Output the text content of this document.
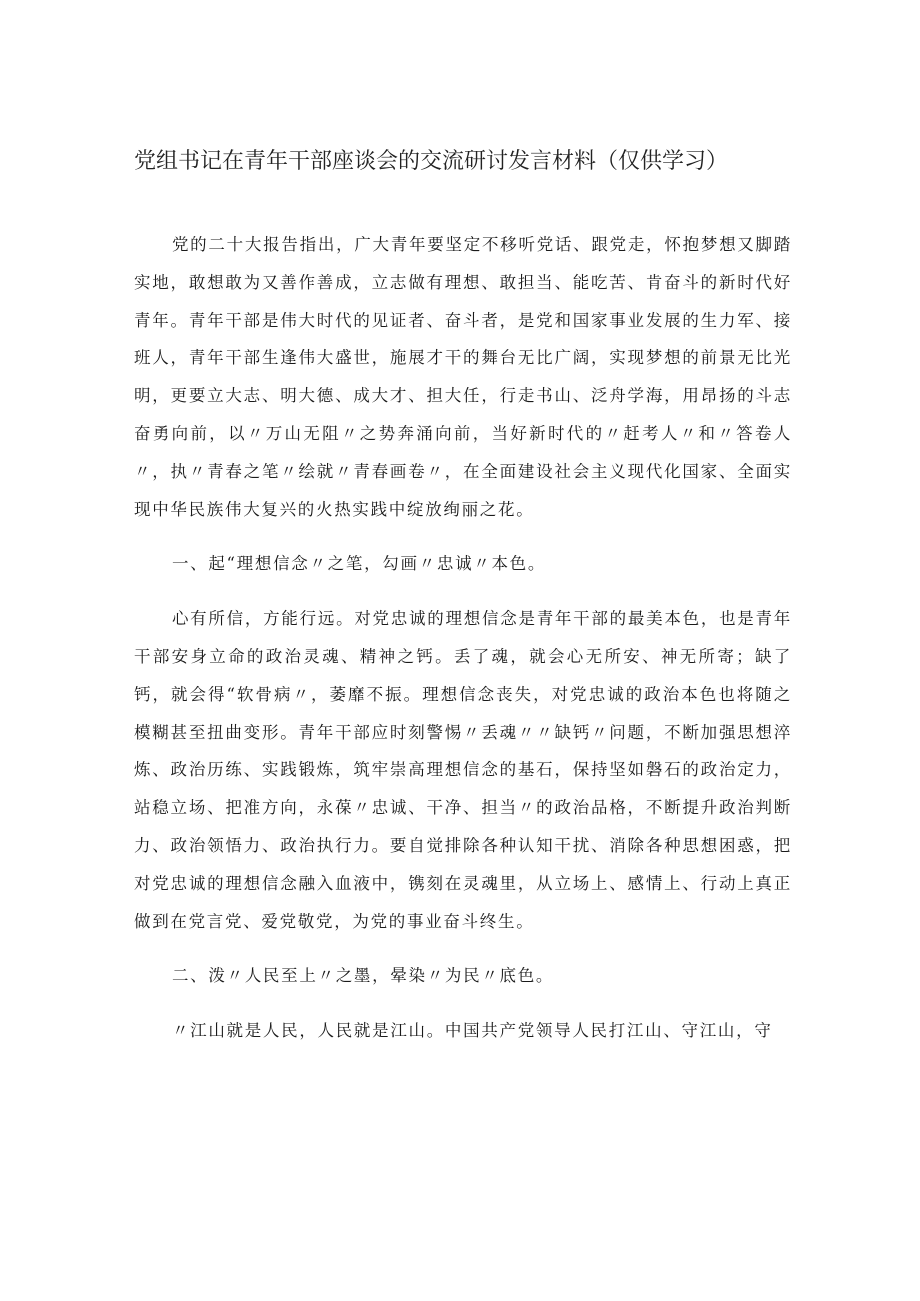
党组书记在青年干部座谈会的交流研讨发言材料（仅供学习）

党的二十大报告指出，广大青年要坚定不移听党话、跟党走，怀抱梦想又脚踏实地，敢想敢为又善作善成，立志做有理想、敢担当、能吃苦、肯奋斗的新时代好青年。青年干部是伟大时代的见证者、奋斗者，是党和国家事业发展的生力军、接班人，青年干部生逢伟大盛世，施展才干的舞台无比广阔，实现梦想的前景无比光明，更要立大志、明大德、成大才、担大任，行走书山、泛舟学海，用昂扬的斗志奋勇向前，以〃万山无阻〃之势奔涌向前，当好新时代的〃赶考人〃和〃答卷人〃，执〃青春之笔〃绘就〃青春画卷〃，在全面建设社会主义现代化国家、全面实现中华民族伟大复兴的火热实践中绽放绚丽之花。

一、起“理想信念〃之笔，勾画〃忠诚〃本色。

心有所信，方能行远。对党忠诚的理想信念是青年干部的最美本色，也是青年干部安身立命的政治灵魂、精神之钙。丢了魂，就会心无所安、神无所寄；缺了钙，就会得“软骨病〃，萎靡不振。理想信念丧失，对党忠诚的政治本色也将随之模糊甚至扭曲变形。青年干部应时刻警惕〃丢魂〃〃缺钙〃问题，不断加强思想淬炼、政治历练、实践锻炼，筑牢崇高理想信念的基石，保持坚如磐石的政治定力，站稳立场、把准方向，永葆〃忠诚、干净、担当〃的政治品格，不断提升政治判断力、政治领悟力、政治执行力。要自觉排除各种认知干扰、消除各种思想困惑，把对党忠诚的理想信念融入血液中，镌刻在灵魂里，从立场上、感情上、行动上真正做到在党言党、爱党敬党，为党的事业奋斗终生。

二、泼〃人民至上〃之墨，晕染〃为民〃底色。

〃江山就是人民，人民就是江山。中国共产党领导人民打江山、守江山，守
